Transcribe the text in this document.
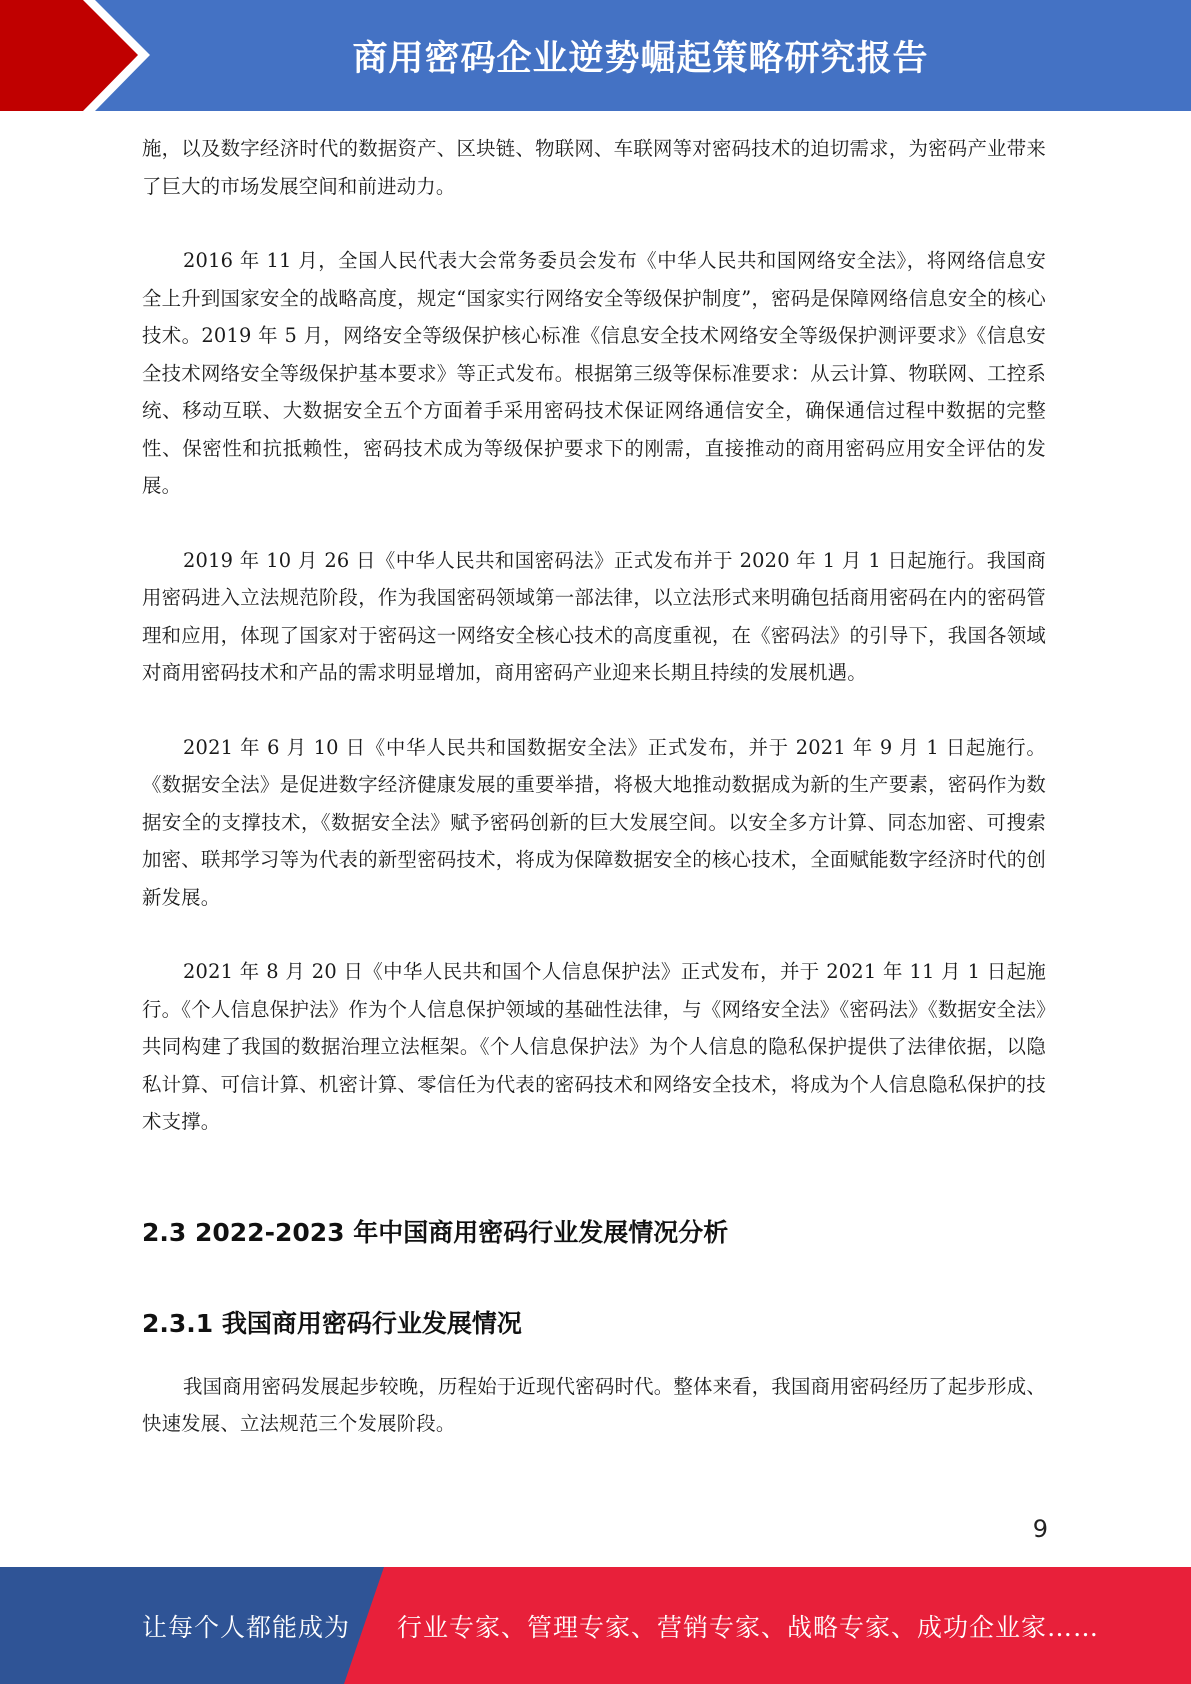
商用密码企业逆势崛起策略研究报告

施，以及数字经济时代的数据资产、区块链、物联网、车联网等对密码技术的迫切需求，为密码产业带来了巨大的市场发展空间和前进动力。

2016 年 11 月，全国人民代表大会常务委员会发布《中华人民共和国网络安全法》，将网络信息安全上升到国家安全的战略高度，规定“国家实行网络安全等级保护制度”，密码是保障网络信息安全的核心技术。2019 年 5 月，网络安全等级保护核心标准《信息安全技术网络安全等级保护测评要求》《信息安全技术网络安全等级保护基本要求》等正式发布。根据第三级等保标准要求：从云计算、物联网、工控系统、移动互联、大数据安全五个方面着手采用密码技术保证网络通信安全，确保通信过程中数据的完整性、保密性和抗抵赖性，密码技术成为等级保护要求下的刚需，直接推动的商用密码应用安全评估的发展。

2019 年 10 月 26 日《中华人民共和国密码法》正式发布并于 2020 年 1 月 1 日起施行。我国商用密码进入立法规范阶段，作为我国密码领域第一部法律，以立法形式来明确包括商用密码在内的密码管理和应用，体现了国家对于密码这一网络安全核心技术的高度重视，在《密码法》的引导下，我国各领域对商用密码技术和产品的需求明显增加，商用密码产业迎来长期且持续的发展机遇。

2021 年 6 月 10 日《中华人民共和国数据安全法》正式发布，并于 2021 年 9 月 1 日起施行。《数据安全法》是促进数字经济健康发展的重要举措，将极大地推动数据成为新的生产要素，密码作为数据安全的支撑技术，《数据安全法》赋予密码创新的巨大发展空间。以安全多方计算、同态加密、可搜索加密、联邦学习等为代表的新型密码技术，将成为保障数据安全的核心技术，全面赋能数字经济时代的创新发展。

2021 年 8 月 20 日《中华人民共和国个人信息保护法》正式发布，并于 2021 年 11 月 1 日起施行。《个人信息保护法》作为个人信息保护领域的基础性法律，与《网络安全法》《密码法》《数据安全法》共同构建了我国的数据治理立法框架。《个人信息保护法》为个人信息的隐私保护提供了法律依据，以隐私计算、可信计算、机密计算、零信任为代表的密码技术和网络安全技术，将成为个人信息隐私保护的技术支撑。

2.3 2022-2023 年中国商用密码行业发展情况分析
2.3.1 我国商用密码行业发展情况

我国商用密码发展起步较晚，历程始于近现代密码时代。整体来看，我国商用密码经历了起步形成、快速发展、立法规范三个发展阶段。

9
让每个人都能成为 行业专家、管理专家、营销专家、战略专家、成功企业家……
